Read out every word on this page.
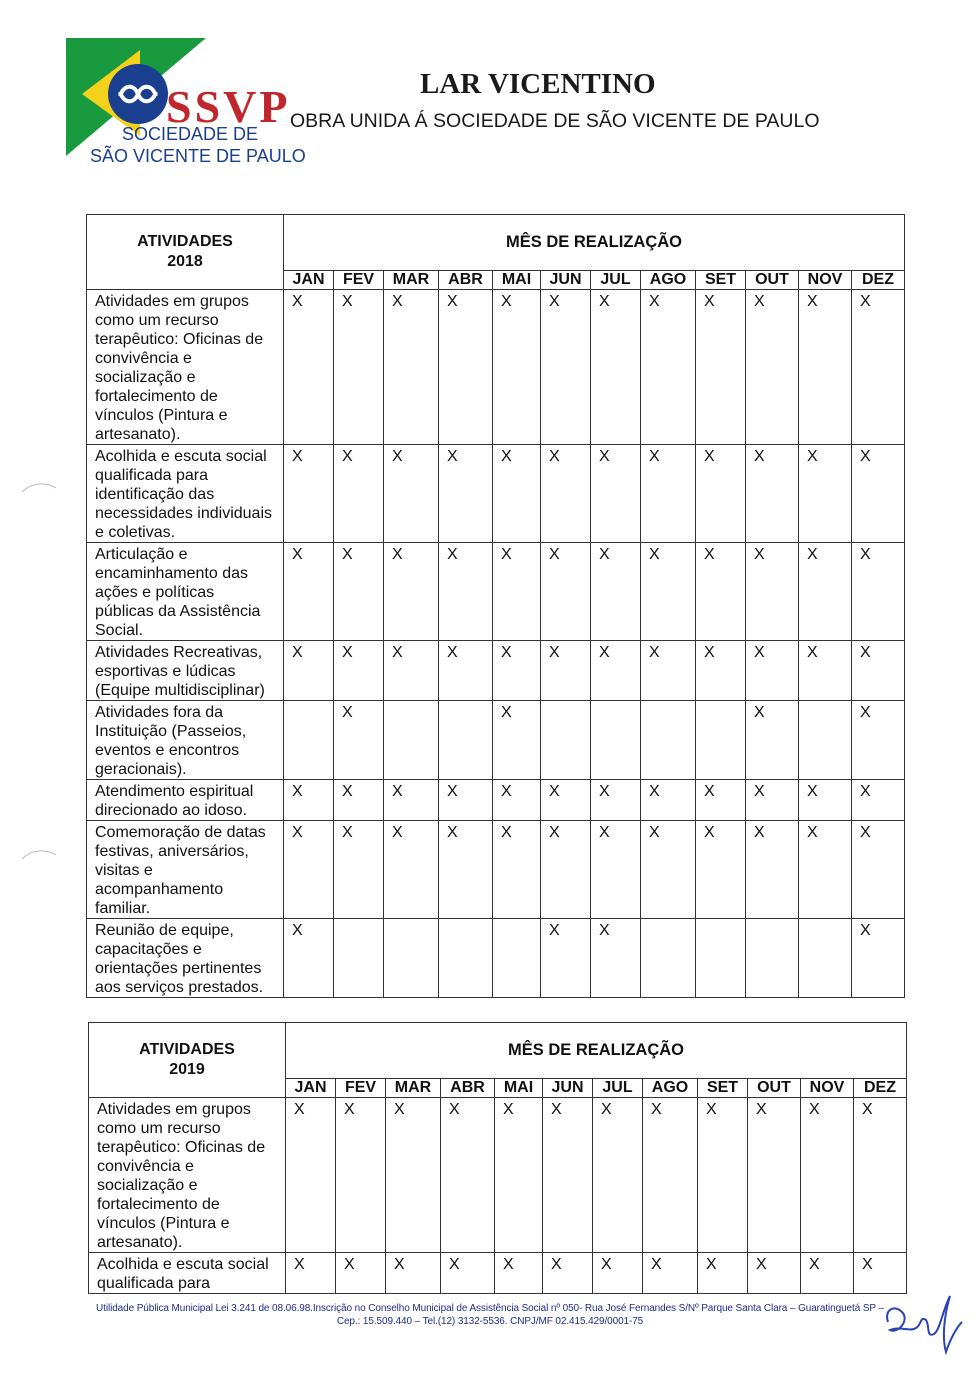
SSVP
SOCIEDADE DE
SÃO VICENTE DE PAULO
LAR VICENTINO
OBRA UNIDA Á SOCIEDADE DE SÃO VICENTE DE PAULO
ATIVIDADES
2018	MÊS DE REALIZAÇÃO											
	JAN	FEV	MAR	ABR	MAI	JUN	JUL	AGO	SET	OUT	NOV	DEZ
Atividades em grupos como um recurso terapêutico: Oficinas de convivência e socialização e fortalecimento de vínculos (Pintura e artesanato).	X	X	X	X	X	X	X	X	X	X	X	X
Acolhida e escuta social qualificada para identificação das necessidades individuais e coletivas.	X	X	X	X	X	X	X	X	X	X	X	X
Articulação e encaminhamento das ações e políticas públicas da Assistência Social.	X	X	X	X	X	X	X	X	X	X	X	X
Atividades Recreativas, esportivas e lúdicas (Equipe multidisciplinar)	X	X	X	X	X	X	X	X	X	X	X	X
Atividades fora da Instituição (Passeios, eventos e encontros geracionais).		X			X					X		X
Atendimento espiritual direcionado ao idoso.	X	X	X	X	X	X	X	X	X	X	X	X
Comemoração de datas festivas, aniversários, visitas e acompanhamento familiar.	X	X	X	X	X	X	X	X	X	X	X	X
Reunião de equipe, capacitações e orientações pertinentes aos serviços prestados.	X					X	X					X
ATIVIDADES
2019	MÊS DE REALIZAÇÃO											
	JAN	FEV	MAR	ABR	MAI	JUN	JUL	AGO	SET	OUT	NOV	DEZ
Atividades em grupos como um recurso terapêutico: Oficinas de convivência e socialização e fortalecimento de vínculos (Pintura e artesanato).	X	X	X	X	X	X	X	X	X	X	X	X
Acolhida e escuta social qualificada para	X	X	X	X	X	X	X	X	X	X	X	X
Utilidade Pública Municipal Lei 3.241 de 08.06.98.Inscrição no Conselho Municipal de Assistência Social nº 050- Rua José Fernandes S/Nº Parque Santa Clara – Guaratinguetá SP –
Cep.: 15.509.440 – Tel.(12) 3132-5536. CNPJ/MF 02.415.429/0001-75
